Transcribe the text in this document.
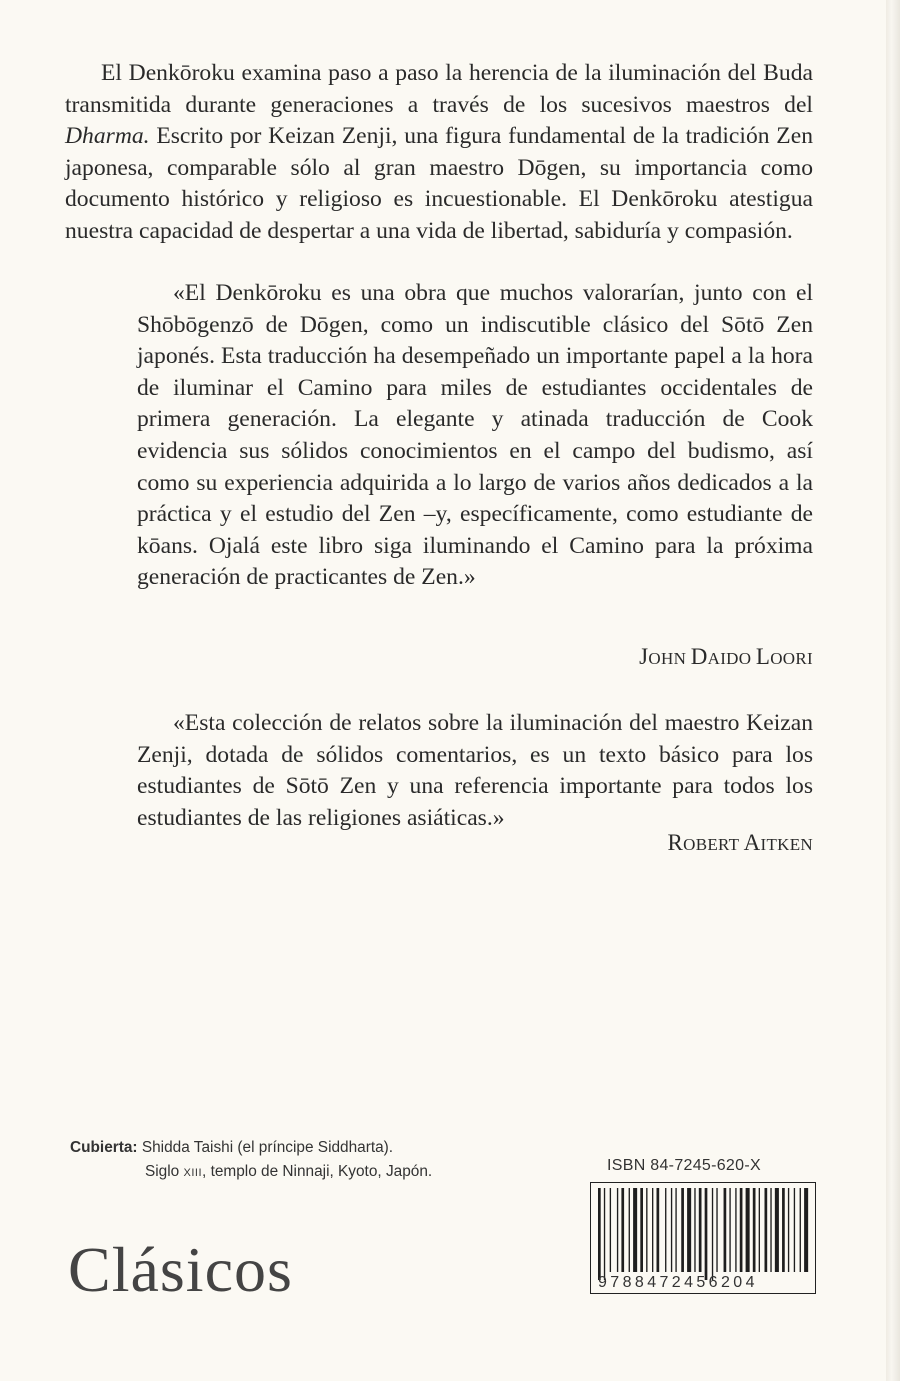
El Denkōroku examina paso a paso la herencia de la iluminación del Buda transmitida durante generaciones a través de los sucesivos maestros del Dharma. Escrito por Keizan Zenji, una figura fundamental de la tradición Zen japonesa, comparable sólo al gran maestro Dōgen, su importancia como documento histórico y religioso es incuestionable. El Denkōroku atestigua nuestra capacidad de despertar a una vida de libertad, sabiduría y compasión.

«El Denkōroku es una obra que muchos valorarían, junto con el Shōbōgenzō de Dōgen, como un indiscutible clásico del Sōtō Zen japonés. Esta traducción ha desempeñado un importante papel a la hora de iluminar el Camino para miles de estudiantes occidentales de primera generación. La elegante y atinada traducción de Cook evidencia sus sólidos conocimientos en el campo del budismo, así como su experiencia adquirida a lo largo de varios años dedicados a la práctica y el estudio del Zen –y, específicamente, como estudiante de kōans. Ojalá este libro siga iluminando el Camino para la próxima generación de practicantes de Zen.»

JOHN DAIDO LOORI

«Esta colección de relatos sobre la iluminación del maestro Keizan Zenji, dotada de sólidos comentarios, es un texto básico para los estudiantes de Sōtō Zen y una referencia importante para todos los estudiantes de las religiones asiáticas.»

ROBERT AITKEN
Cubierta: Shidda Taishi (el príncipe Siddharta).
Siglo XIII, templo de Ninnaji, Kyoto, Japón.	ISBN 84-7245-620-X
9788472456204
Clásicos
